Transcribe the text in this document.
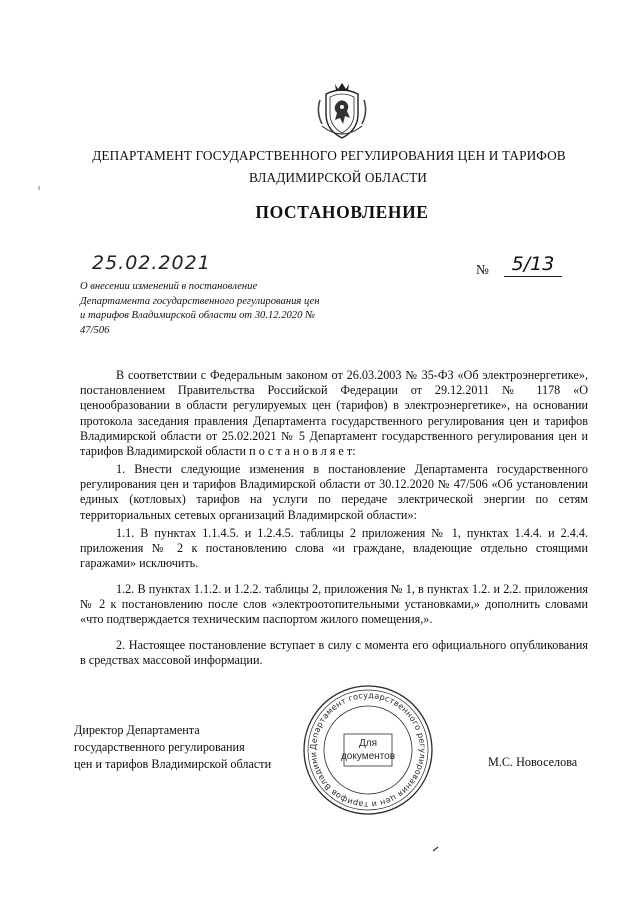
ДЕПАРТАМЕНТ ГОСУДАРСТВЕННОГО РЕГУЛИРОВАНИЯ ЦЕН И ТАРИФОВ
ВЛАДИМИРСКОЙ ОБЛАСТИ
ПОСТАНОВЛЕНИЕ
25.02.2021	№	5/13
О внесении изменений в постановление Департамента государственного регулирования цен и тарифов Владимирской области от 30.12.2020 № 47/506

В соответствии с Федеральным законом от 26.03.2003 № 35-ФЗ «Об электроэнергетике», постановлением Правительства Российской Федерации от 29.12.2011 № 1178 «О ценообразовании в области регулируемых цен (тарифов) в электроэнергетике», на основании протокола заседания правления Департамента государственного регулирования цен и тарифов Владимирской области от 25.02.2021 № 5 Департамент государственного регулирования цен и тарифов Владимирской области п о с т а н о в л я е т:

1. Внести следующие изменения в постановление Департамента государственного регулирования цен и тарифов Владимирской области от 30.12.2020 № 47/506 «Об установлении единых (котловых) тарифов на услуги по передаче электрической энергии по сетям территориальных сетевых организаций Владимирской области»:

1.1. В пунктах 1.1.4.5. и 1.2.4.5. таблицы 2 приложения № 1, пунктах 1.4.4. и 2.4.4. приложения № 2 к постановлению слова «и граждане, владеющие отдельно стоящими гаражами» исключить.

1.2. В пунктах 1.1.2. и 1.2.2. таблицы 2, приложения № 1, в пунктах 1.2. и 2.2. приложения № 2 к постановлению после слов «электроотопительными установками,» дополнить словами «что подтверждается техническим паспортом жилого помещения,».

2. Настоящее постановление вступает в силу с момента его официального опубликования в средствах массовой информации.

Директор Департамента
государственного регулирования
цен и тарифов Владимирской области	М.С. Новоселова
Департамент государственного регулирования цен и тарифов Владими
Для
документов
